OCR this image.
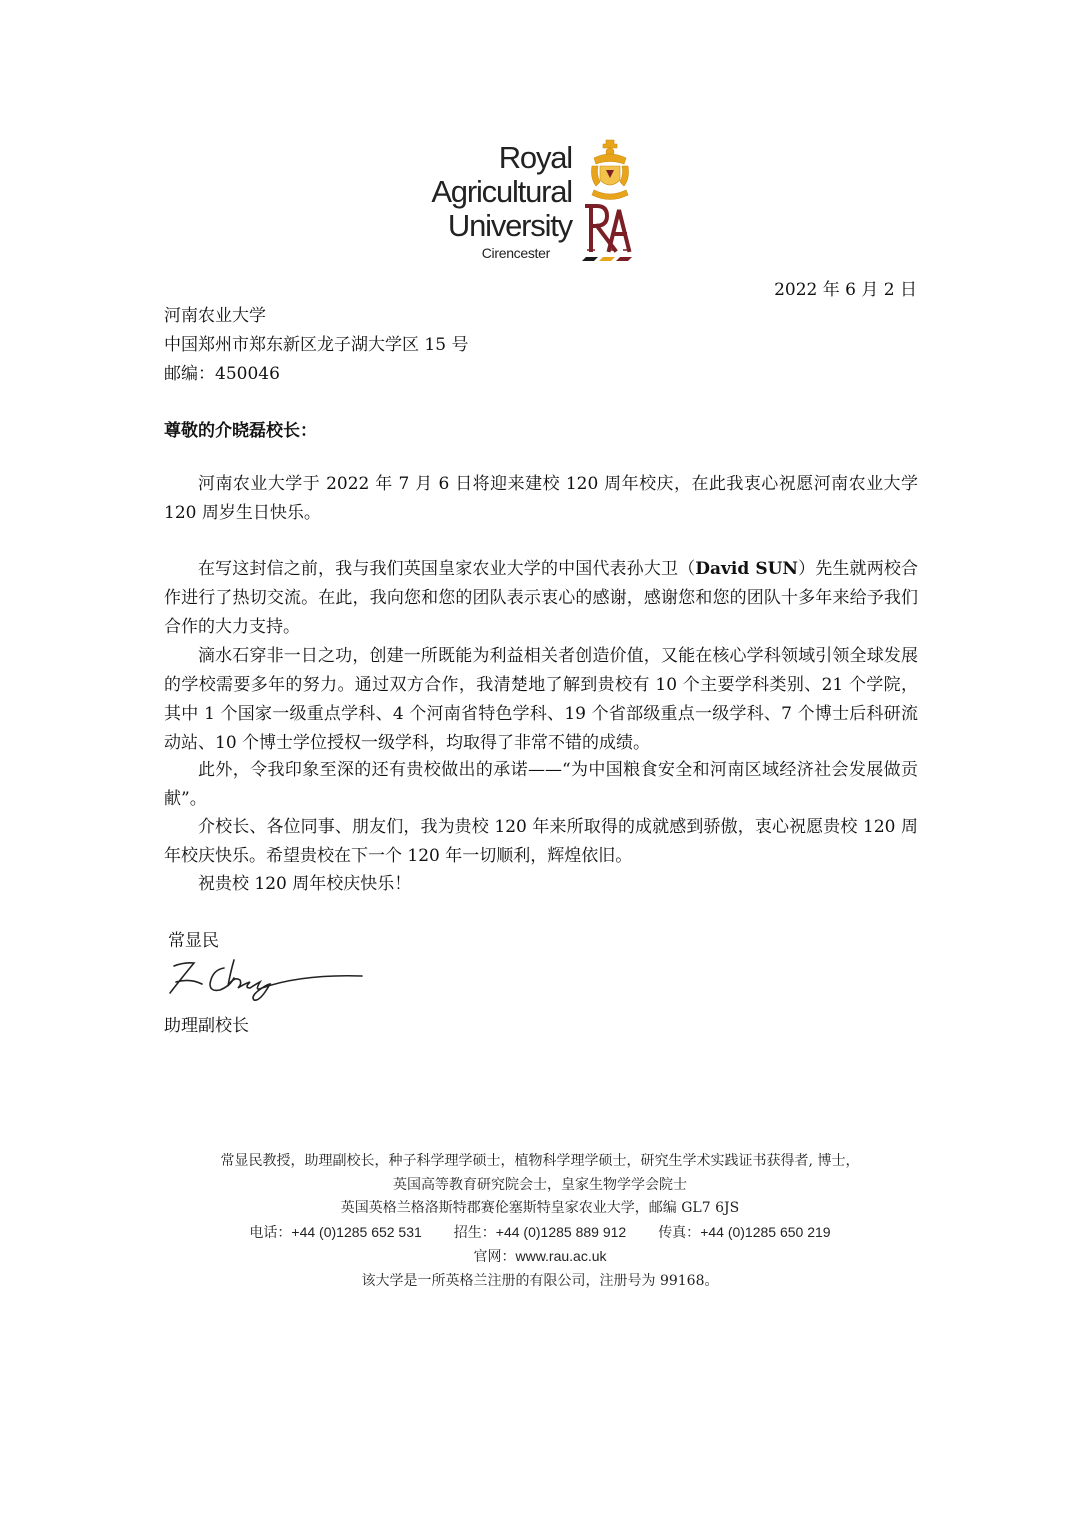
Royal
Agricultural
University
Cirencester
2022 年 6 月 2 日
河南农业大学
中国郑州市郑东新区龙子湖大学区 15 号
邮编：450046
尊敬的介晓磊校长：

河南农业大学于 2022 年 7 月 6 日将迎来建校 120 周年校庆，在此我衷心祝愿河南农业大学 120 周岁生日快乐。

在写这封信之前，我与我们英国皇家农业大学的中国代表孙大卫（David SUN）先生就两校合作进行了热切交流。在此，我向您和您的团队表示衷心的感谢，感谢您和您的团队十多年来给予我们合作的大力支持。

滴水石穿非一日之功，创建一所既能为利益相关者创造价值，又能在核心学科领域引领全球发展的学校需要多年的努力。通过双方合作，我清楚地了解到贵校有 10 个主要学科类别、21 个学院，其中 1 个国家一级重点学科、4 个河南省特色学科、19 个省部级重点一级学科、7 个博士后科研流动站、10 个博士学位授权一级学科，均取得了非常不错的成绩。

此外，令我印象至深的还有贵校做出的承诺——“为中国粮食安全和河南区域经济社会发展做贡献”。

介校长、各位同事、朋友们，我为贵校 120 年来所取得的成就感到骄傲，衷心祝愿贵校 120 周年校庆快乐。希望贵校在下一个 120 年一切顺利，辉煌依旧。

祝贵校 120 周年校庆快乐！

常显民
助理副校长
常显民教授，助理副校长，种子科学理学硕士，植物科学理学硕士，研究生学术实践证书获得者, 博士，
英国高等教育研究院会士，皇家生物学学会院士
英国英格兰格洛斯特郡赛伦塞斯特皇家农业大学，邮编 GL7 6JS
电话：+44 (0)1285 652 531 招生：+44 (0)1285 889 912 传真：+44 (0)1285 650 219
官网：www.rau.ac.uk
该大学是一所英格兰注册的有限公司，注册号为 99168。
